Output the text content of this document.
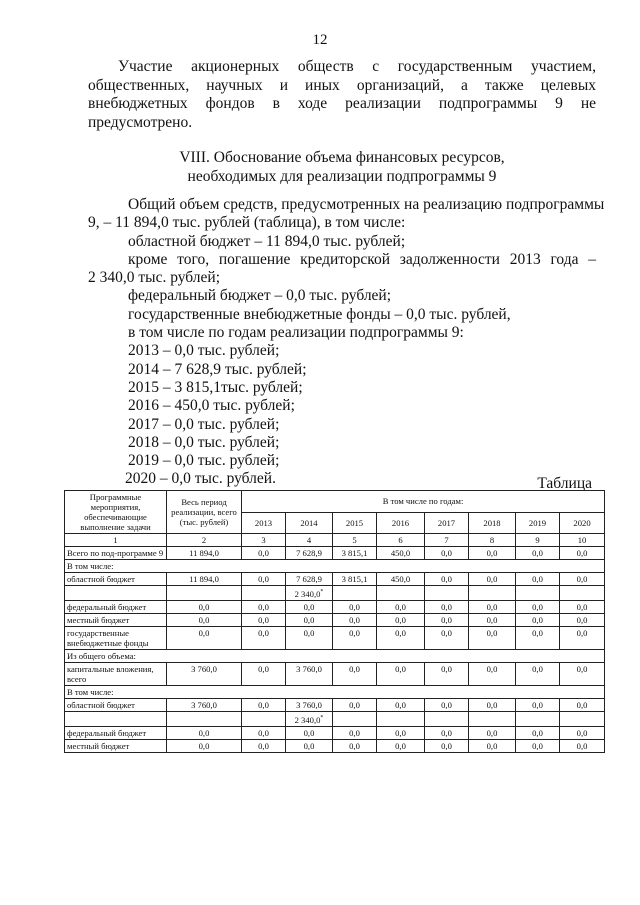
12
Участие акционерных обществ с государственным участием, общественных, научных и иных организаций, а также целевых внебюджетных фондов в ходе реализации подпрограммы 9 не предусмотрено.
VIII. Обоснование объема финансовых ресурсов,
необходимых для реализации подпрограммы 9
Общий объем средств, предусмотренных на реализацию подпрограммы
9, – 11 894,0 тыс. рублей (таблица), в том числе:
областной бюджет – 11 894,0 тыс. рублей;
кроме того, погашение кредиторской задолженности 2013 года –
2 340,0 тыс. рублей;
федеральный бюджет – 0,0 тыс. рублей;
государственные внебюджетные фонды – 0,0 тыс. рублей,
в том числе по годам реализации подпрограммы 9:
2013 – 0,0 тыс. рублей;
2014 – 7 628,9 тыс. рублей;
2015 – 3 815,1тыс. рублей;
2016 – 450,0 тыс. рублей;
2017 – 0,0 тыс. рублей;
2018 – 0,0 тыс. рублей;
2019 – 0,0 тыс. рублей;
2020 – 0,0 тыс. рублей.	Таблица
Программные мероприятия, обеспечивающие выполнение задачи	Весь период реализации, всего (тыс. рублей)	В том числе по годам:							
		2013	2014	2015	2016	2017	2018	2019	2020
1	2	3	4	5	6	7	8	9	10
Всего по под-программе 9	11 894,0	0,0	7 628,9	3 815,1	450,0	0,0	0,0	0,0	0,0
В том числе:									
областной бюджет	11 894,0	0,0	7 628,9	3 815,1	450,0	0,0	0,0	0,0	0,0
			2 340,0*						
федеральный бюджет	0,0	0,0	0,0	0,0	0,0	0,0	0,0	0,0	0,0
местный бюджет	0,0	0,0	0,0	0,0	0,0	0,0	0,0	0,0	0,0
государственные внебюджетные фонды	0,0	0,0	0,0	0,0	0,0	0,0	0,0	0,0	0,0
Из общего объема:									
капитальные вложения, всего	3 760,0	0,0	3 760,0	0,0	0,0	0,0	0,0	0,0	0,0
В том числе:									
областной бюджет	3 760,0	0,0	3 760,0	0,0	0,0	0,0	0,0	0,0	0,0
			2 340,0*						
федеральный бюджет	0,0	0,0	0,0	0,0	0,0	0,0	0,0	0,0	0,0
местный бюджет	0,0	0,0	0,0	0,0	0,0	0,0	0,0	0,0	0,0
